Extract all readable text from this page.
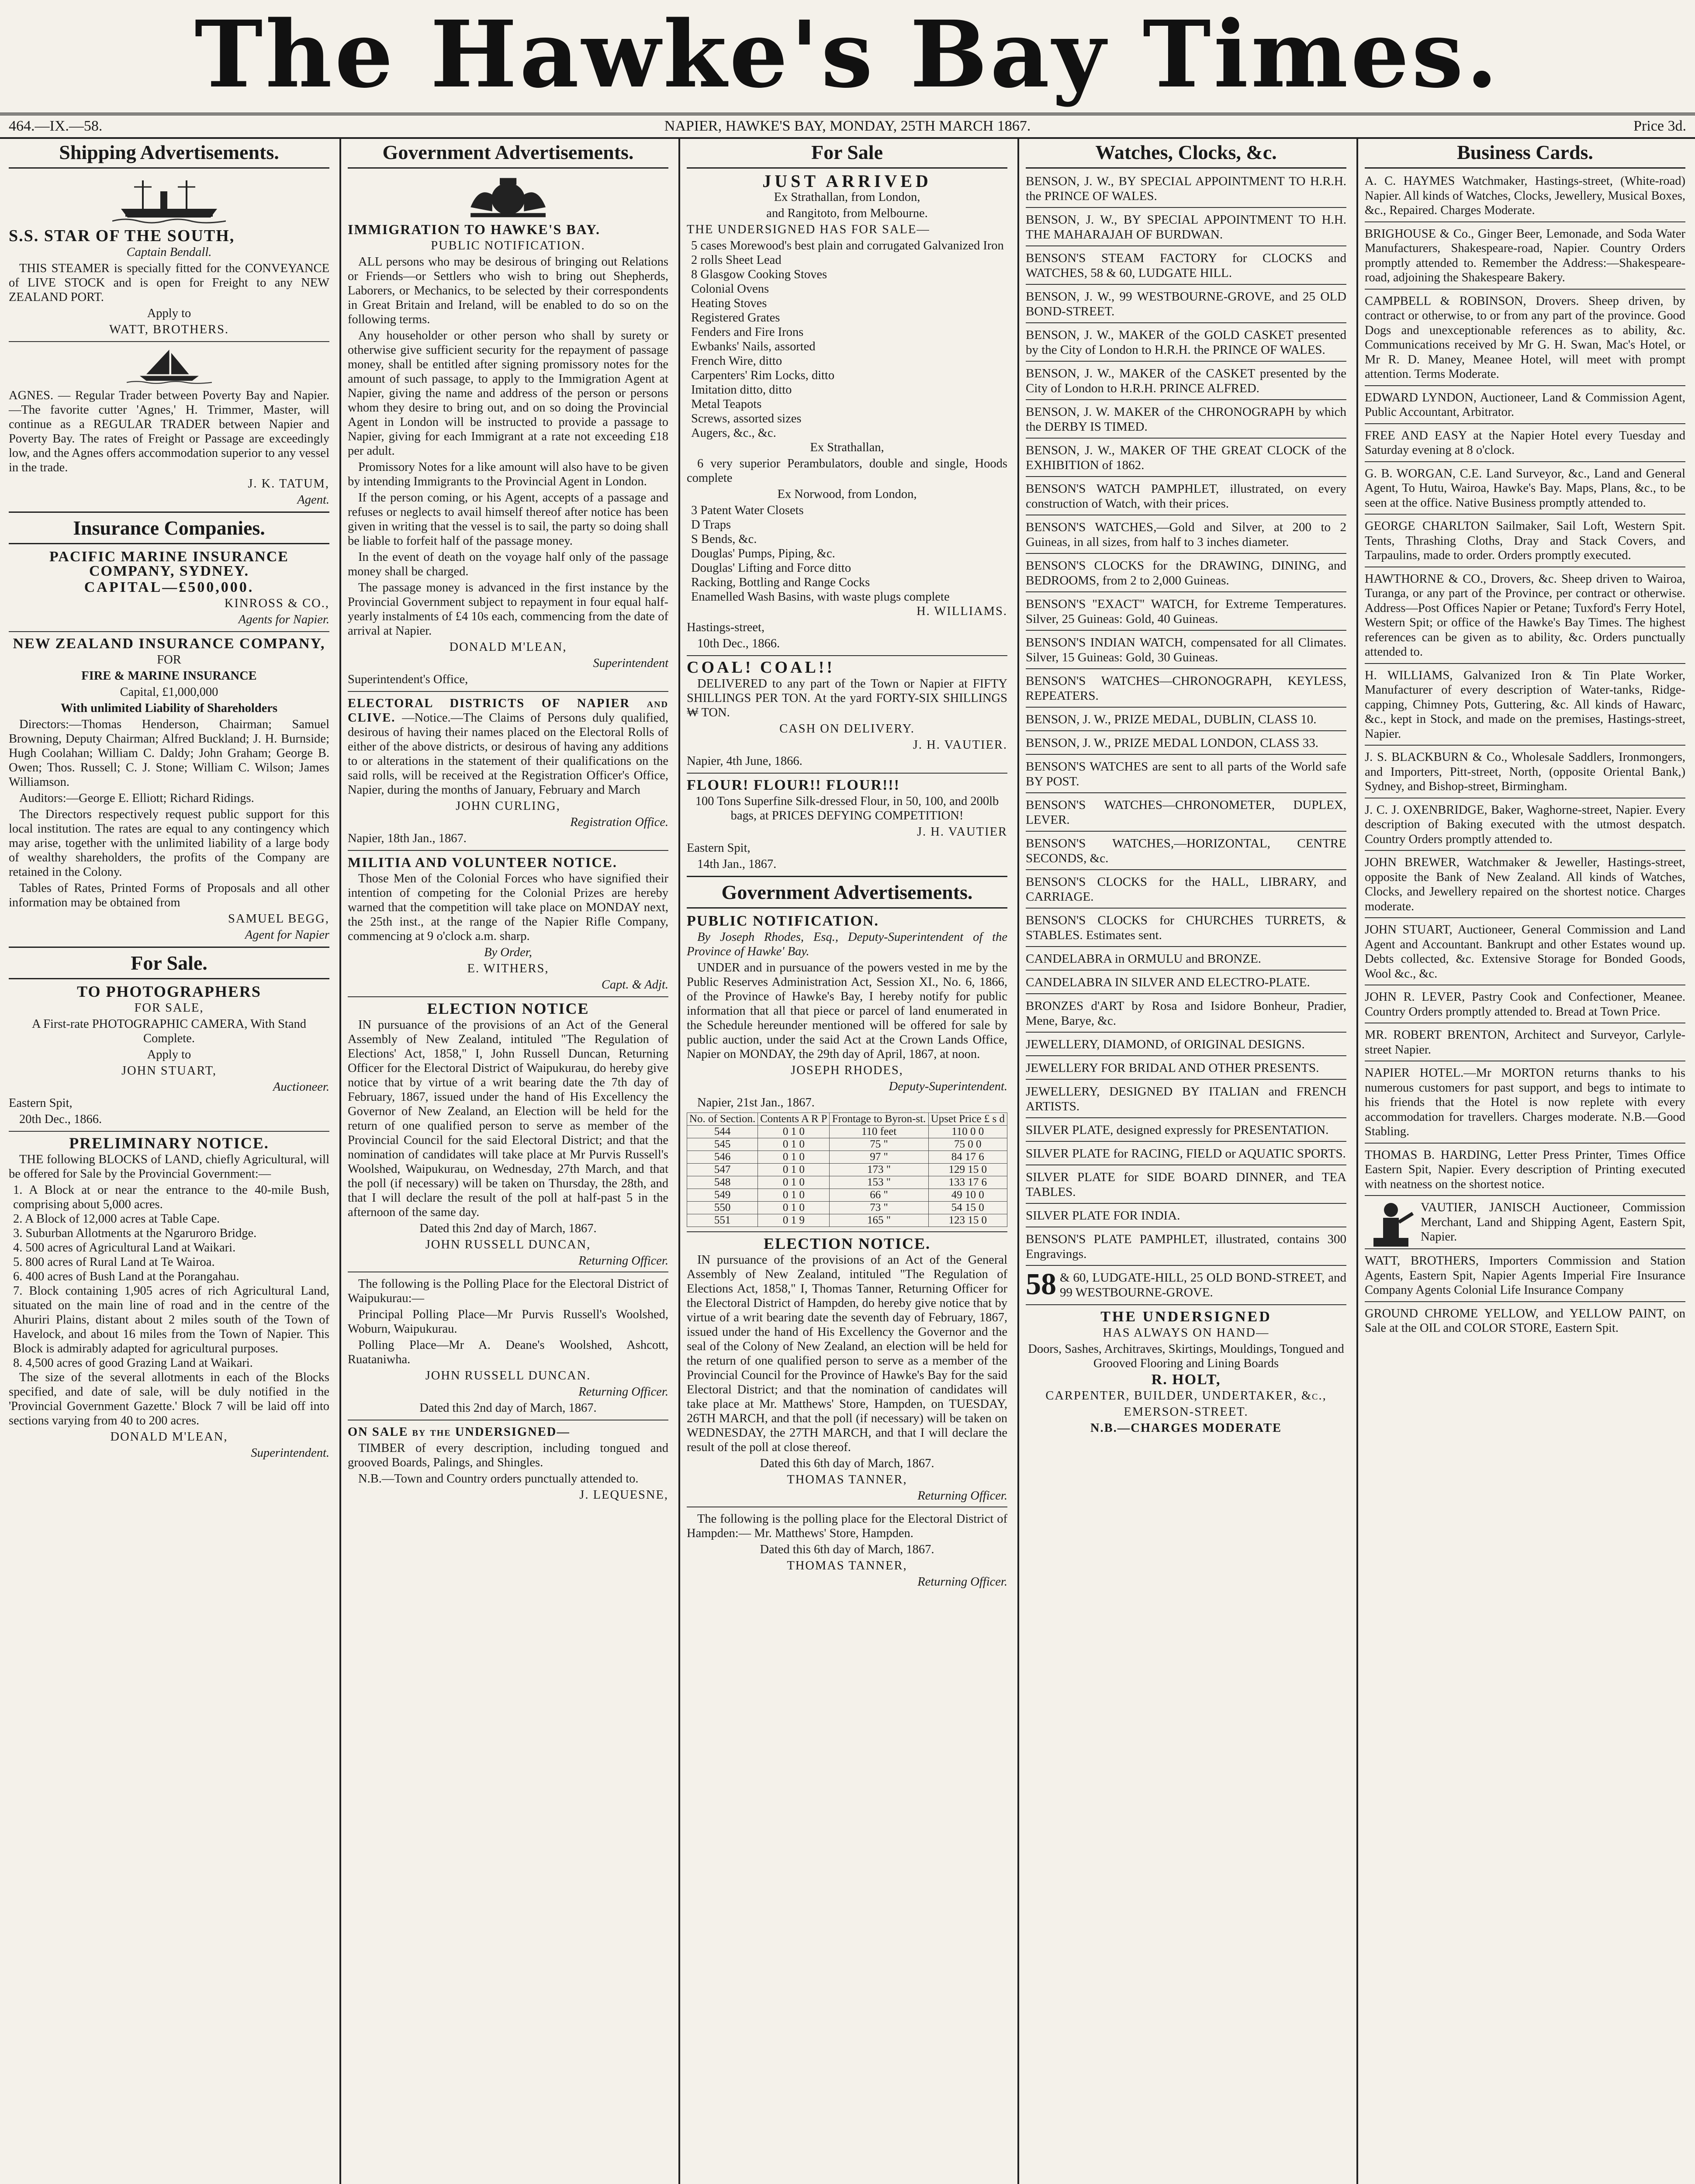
The Hawke's Bay Times.
464.—IX.—58.	NAPIER, HAWKE'S BAY, MONDAY, 25TH MARCH 1867.	Price 3d.
Shipping Advertisements.

S.S. STAR OF THE SOUTH,

Captain Bendall.

THIS STEAMER is specially fitted for the CONVEYANCE of LIVE STOCK and is open for Freight to any NEW ZEALAND PORT.

Apply to

WATT, BROTHERS.

AGNES. — Regular Trader between Poverty Bay and Napier.—The favorite cutter 'Agnes,' H. Trimmer, Master, will continue as a REGULAR TRADER between Napier and Poverty Bay. The rates of Freight or Passage are exceedingly low, and the Agnes offers accommodation superior to any vessel in the trade.

J. K. TATUM,

Agent.

Insurance Companies.

PACIFIC MARINE INSURANCE COMPANY, SYDNEY.

CAPITAL—£500,000.

KINROSS & CO.,

Agents for Napier.

NEW ZEALAND INSURANCE COMPANY,

FOR

FIRE & MARINE INSURANCE

Capital, £1,000,000

With unlimited Liability of Shareholders

Directors:—Thomas Henderson, Chairman; Samuel Browning, Deputy Chairman; Alfred Buckland; J. H. Burnside; Hugh Coolahan; William C. Daldy; John Graham; George B. Owen; Thos. Russell; C. J. Stone; William C. Wilson; James Williamson.

Auditors:—George E. Elliott; Richard Ridings.

The Directors respectively request public support for this local institution. The rates are equal to any contingency which may arise, together with the unlimited liability of a large body of wealthy shareholders, the profits of the Company are retained in the Colony.

Tables of Rates, Printed Forms of Proposals and all other information may be obtained from

SAMUEL BEGG,

Agent for Napier

For Sale.

TO PHOTOGRAPHERS

FOR SALE,

A First-rate PHOTOGRAPHIC CAMERA, With Stand Complete.

Apply to

JOHN STUART,

Auctioneer.

Eastern Spit,

20th Dec., 1866.

PRELIMINARY NOTICE.

THE following BLOCKS of LAND, chiefly Agricultural, will be offered for Sale by the Provincial Government:—

1. A Block at or near the entrance to the 40-mile Bush, comprising about 5,000 acres.
2. A Block of 12,000 acres at Table Cape.
3. Suburban Allotments at the Ngaruroro Bridge.
4. 500 acres of Agricultural Land at Waikari.
5. 800 acres of Rural Land at Te Wairoa.
6. 400 acres of Bush Land at the Porangahau.
7. Block containing 1,905 acres of rich Agricultural Land, situated on the main line of road and in the centre of the Ahuriri Plains, distant about 2 miles south of the Town of Havelock, and about 16 miles from the Town of Napier. This Block is admirably adapted for agricultural purposes.
8. 4,500 acres of good Grazing Land at Waikari.

The size of the several allotments in each of the Blocks specified, and date of sale, will be duly notified in the 'Provincial Government Gazette.' Block 7 will be laid off into sections varying from 40 to 200 acres.

DONALD M'LEAN,

Superintendent.

Government Advertisements.

IMMIGRATION TO HAWKE'S BAY.

PUBLIC NOTIFICATION.

ALL persons who may be desirous of bringing out Relations or Friends—or Settlers who wish to bring out Shepherds, Laborers, or Mechanics, to be selected by their correspondents in Great Britain and Ireland, will be enabled to do so on the following terms.

Any householder or other person who shall by surety or otherwise give sufficient security for the repayment of passage money, shall be entitled after signing promissory notes for the amount of such passage, to apply to the Immigration Agent at Napier, giving the name and address of the person or persons whom they desire to bring out, and on so doing the Provincial Agent in London will be instructed to provide a passage to Napier, giving for each Immigrant at a rate not exceeding £18 per adult.

Promissory Notes for a like amount will also have to be given by intending Immigrants to the Provincial Agent in London.

If the person coming, or his Agent, accepts of a passage and refuses or neglects to avail himself thereof after notice has been given in writing that the vessel is to sail, the party so doing shall be liable to forfeit half of the passage money.

In the event of death on the voyage half only of the passage money shall be charged.

The passage money is advanced in the first instance by the Provincial Government subject to repayment in four equal half-yearly instalments of £4 10s each, commencing from the date of arrival at Napier.

DONALD M'LEAN,

Superintendent

Superintendent's Office,

ELECTORAL DISTRICTS OF NAPIER and CLIVE. —Notice.—The Claims of Persons duly qualified, desirous of having their names placed on the Electoral Rolls of either of the above districts, or desirous of having any additions to or alterations in the statement of their qualifications on the said rolls, will be received at the Registration Officer's Office, Napier, during the months of January, February and March

JOHN CURLING,

Registration Office.

Napier, 18th Jan., 1867.

MILITIA AND VOLUNTEER NOTICE.

Those Men of the Colonial Forces who have signified their intention of competing for the Colonial Prizes are hereby warned that the competition will take place on MONDAY next, the 25th inst., at the range of the Napier Rifle Company, commencing at 9 o'clock a.m. sharp.

By Order,

E. WITHERS,

Capt. & Adjt.

ELECTION NOTICE

IN pursuance of the provisions of an Act of the General Assembly of New Zealand, intituled "The Regulation of Elections' Act, 1858," I, John Russell Duncan, Returning Officer for the Electoral District of Waipukurau, do hereby give notice that by virtue of a writ bearing date the 7th day of February, 1867, issued under the hand of His Excellency the Governor of New Zealand, an Election will be held for the return of one qualified person to serve as member of the Provincial Council for the said Electoral District; and that the nomination of candidates will take place at Mr Purvis Russell's Woolshed, Waipukurau, on Wednesday, 27th March, and that the poll (if necessary) will be taken on Thursday, the 28th, and that I will declare the result of the poll at half-past 5 in the afternoon of the same day.

Dated this 2nd day of March, 1867.

JOHN RUSSELL DUNCAN,

Returning Officer.

The following is the Polling Place for the Electoral District of Waipukurau:—

Principal Polling Place—Mr Purvis Russell's Woolshed, Woburn, Waipukurau.

Polling Place—Mr A. Deane's Woolshed, Ashcott, Ruataniwha.

JOHN RUSSELL DUNCAN.

Returning Officer.

Dated this 2nd day of March, 1867.

ON SALE by the UNDERSIGNED—

TIMBER of every description, including tongued and grooved Boards, Palings, and Shingles.

N.B.—Town and Country orders punctually attended to.

J. LEQUESNE,

For Sale

JUST ARRIVED

Ex Strathallan, from London,

and Rangitoto, from Melbourne.

THE UNDERSIGNED HAS FOR SALE—

5 cases Morewood's best plain and corrugated Galvanized Iron
2 rolls Sheet Lead
8 Glasgow Cooking Stoves
Colonial Ovens
Heating Stoves
Registered Grates
Fenders and Fire Irons
Ewbanks' Nails, assorted
French Wire, ditto
Carpenters' Rim Locks, ditto
Imitation ditto, ditto
Metal Teapots
Screws, assorted sizes
Augers, &c., &c.

Ex Strathallan,

6 very superior Perambulators, double and single, Hoods complete

Ex Norwood, from London,

3 Patent Water Closets
D Traps
S Bends, &c.
Douglas' Pumps, Piping, &c.
Douglas' Lifting and Force ditto
Racking, Bottling and Range Cocks
Enamelled Wash Basins, with waste plugs complete

H. WILLIAMS.

Hastings-street,

10th Dec., 1866.

COAL! COAL!!

DELIVERED to any part of the Town or Napier at FIFTY SHILLINGS PER TON. At the yard FORTY-SIX SHILLINGS ₩ TON.

CASH ON DELIVERY.

J. H. VAUTIER.

Napier, 4th June, 1866.

FLOUR! FLOUR!! FLOUR!!!

100 Tons Superfine Silk-dressed Flour, in 50, 100, and 200lb bags, at PRICES DEFYING COMPETITION!

J. H. VAUTIER

Eastern Spit,

14th Jan., 1867.

Government Advertisements.

PUBLIC NOTIFICATION.

By Joseph Rhodes, Esq., Deputy-Superintendent of the Province of Hawke' Bay.

UNDER and in pursuance of the powers vested in me by the Public Reserves Administration Act, Session XI., No. 6, 1866, of the Province of Hawke's Bay, I hereby notify for public information that all that piece or parcel of land enumerated in the Schedule hereunder mentioned will be offered for sale by public auction, under the said Act at the Crown Lands Office, Napier on MONDAY, the 29th day of April, 1867, at noon.

JOSEPH RHODES,

Deputy-Superintendent.

Napier, 21st Jan., 1867.

No. of Section.	Contents A R P	Frontage to Byron-st.	Upset Price £ s d
544	0 1 0	110 feet	110 0 0
545	0 1 0	75 "	75 0 0
546	0 1 0	97 "	84 17 6
547	0 1 0	173 "	129 15 0
548	0 1 0	153 "	133 17 6
549	0 1 0	66 "	49 10 0
550	0 1 0	73 "	54 15 0
551	0 1 9	165 "	123 15 0

ELECTION NOTICE.

IN pursuance of the provisions of an Act of the General Assembly of New Zealand, intituled "The Regulation of Elections Act, 1858," I, Thomas Tanner, Returning Officer for the Electoral District of Hampden, do hereby give notice that by virtue of a writ bearing date the seventh day of February, 1867, issued under the hand of His Excellency the Governor and the seal of the Colony of New Zealand, an election will be held for the return of one qualified person to serve as a member of the Provincial Council for the Province of Hawke's Bay for the said Electoral District; and that the nomination of candidates will take place at Mr. Matthews' Store, Hampden, on TUESDAY, 26TH MARCH, and that the poll (if necessary) will be taken on WEDNESDAY, the 27TH MARCH, and that I will declare the result of the poll at close thereof.

Dated this 6th day of March, 1867.

THOMAS TANNER,

Returning Officer.

The following is the polling place for the Electoral District of Hampden:— Mr. Matthews' Store, Hampden.

Dated this 6th day of March, 1867.

THOMAS TANNER,

Returning Officer.

Watches, Clocks, &c.

BENSON, J. W., BY SPECIAL APPOINTMENT TO H.R.H. the PRINCE OF WALES.

BENSON, J. W., BY SPECIAL APPOINTMENT TO H.H. THE MAHARAJAH OF BURDWAN.

BENSON'S STEAM FACTORY for CLOCKS and WATCHES, 58 & 60, LUDGATE HILL.

BENSON, J. W., 99 WESTBOURNE-GROVE, and 25 OLD BOND-STREET.

BENSON, J. W., MAKER of the GOLD CASKET presented by the City of London to H.R.H. the PRINCE OF WALES.

BENSON, J. W., MAKER of the CASKET presented by the City of London to H.R.H. PRINCE ALFRED.

BENSON, J. W. MAKER of the CHRONOGRAPH by which the DERBY IS TIMED.

BENSON, J. W., MAKER OF THE GREAT CLOCK of the EXHIBITION of 1862.

BENSON'S WATCH PAMPHLET, illustrated, on every construction of Watch, with their prices.

BENSON'S WATCHES,—Gold and Silver, at 200 to 2 Guineas, in all sizes, from half to 3 inches diameter.

BENSON'S CLOCKS for the DRAWING, DINING, and BEDROOMS, from 2 to 2,000 Guineas.

BENSON'S "EXACT" WATCH, for Extreme Temperatures. Silver, 25 Guineas: Gold, 40 Guineas.

BENSON'S INDIAN WATCH, compensated for all Climates. Silver, 15 Guineas: Gold, 30 Guineas.

BENSON'S WATCHES—CHRONOGRAPH, KEYLESS, REPEATERS.

BENSON, J. W., PRIZE MEDAL, DUBLIN, CLASS 10.

BENSON, J. W., PRIZE MEDAL LONDON, CLASS 33.

BENSON'S WATCHES are sent to all parts of the World safe BY POST.

BENSON'S WATCHES—CHRONOMETER, DUPLEX, LEVER.

BENSON'S WATCHES,—HORIZONTAL, CENTRE SECONDS, &c.

BENSON'S CLOCKS for the HALL, LIBRARY, and CARRIAGE.

BENSON'S CLOCKS for CHURCHES TURRETS, & STABLES. Estimates sent.

CANDELABRA in ORMULU and BRONZE.

CANDELABRA IN SILVER AND ELECTRO-PLATE.

BRONZES d'ART by Rosa and Isidore Bonheur, Pradier, Mene, Barye, &c.

JEWELLERY, DIAMOND, of ORIGINAL DESIGNS.

JEWELLERY FOR BRIDAL AND OTHER PRESENTS.

JEWELLERY, DESIGNED BY ITALIAN and FRENCH ARTISTS.

SILVER PLATE, designed expressly for PRESENTATION.

SILVER PLATE for RACING, FIELD or AQUATIC SPORTS.

SILVER PLATE for SIDE BOARD DINNER, and TEA TABLES.

SILVER PLATE FOR INDIA.

BENSON'S PLATE PAMPHLET, illustrated, contains 300 Engravings.

58 & 60, LUDGATE-HILL, 25 OLD BOND-STREET, and 99 WESTBOURNE-GROVE.

THE UNDERSIGNED

HAS ALWAYS ON HAND—

Doors, Sashes, Architraves, Skirtings, Mouldings, Tongued and Grooved Flooring and Lining Boards

R. HOLT,

CARPENTER, BUILDER, UNDERTAKER, &c.,

EMERSON-STREET.

N.B.—CHARGES MODERATE

Business Cards.

A. C. HAYMES Watchmaker, Hastings-street, (White-road) Napier. All kinds of Watches, Clocks, Jewellery, Musical Boxes, &c., Repaired. Charges Moderate.

BRIGHOUSE & Co., Ginger Beer, Lemonade, and Soda Water Manufacturers, Shakespeare-road, Napier. Country Orders promptly attended to. Remember the Address:—Shakespeare-road, adjoining the Shakespeare Bakery.

CAMPBELL & ROBINSON, Drovers. Sheep driven, by contract or otherwise, to or from any part of the province. Good Dogs and unexceptionable references as to ability, &c. Communications received by Mr G. H. Swan, Mac's Hotel, or Mr R. D. Maney, Meanee Hotel, will meet with prompt attention. Terms Moderate.

EDWARD LYNDON, Auctioneer, Land & Commission Agent, Public Accountant, Arbitrator.

FREE AND EASY at the Napier Hotel every Tuesday and Saturday evening at 8 o'clock.

G. B. WORGAN, C.E. Land Surveyor, &c., Land and General Agent, To Hutu, Wairoa, Hawke's Bay. Maps, Plans, &c., to be seen at the office. Native Business promptly attended to.

GEORGE CHARLTON Sailmaker, Sail Loft, Western Spit. Tents, Thrashing Cloths, Dray and Stack Covers, and Tarpaulins, made to order. Orders promptly executed.

HAWTHORNE & CO., Drovers, &c. Sheep driven to Wairoa, Turanga, or any part of the Province, per contract or otherwise. Address—Post Offices Napier or Petane; Tuxford's Ferry Hotel, Western Spit; or office of the Hawke's Bay Times. The highest references can be given as to ability, &c. Orders punctually attended to.

H. WILLIAMS, Galvanized Iron & Tin Plate Worker, Manufacturer of every description of Water-tanks, Ridge-capping, Chimney Pots, Guttering, &c. All kinds of Hawarc, &c., kept in Stock, and made on the premises, Hastings-street, Napier.

J. S. BLACKBURN & Co., Wholesale Saddlers, Ironmongers, and Importers, Pitt-street, North, (opposite Oriental Bank,) Sydney, and Bishop-street, Birmingham.

J. C. J. OXENBRIDGE, Baker, Waghorne-street, Napier. Every description of Baking executed with the utmost despatch. Country Orders promptly attended to.

JOHN BREWER, Watchmaker & Jeweller, Hastings-street, opposite the Bank of New Zealand. All kinds of Watches, Clocks, and Jewellery repaired on the shortest notice. Charges moderate.

JOHN STUART, Auctioneer, General Commission and Land Agent and Accountant. Bankrupt and other Estates wound up. Debts collected, &c. Extensive Storage for Bonded Goods, Wool &c., &c.

JOHN R. LEVER, Pastry Cook and Confectioner, Meanee. Country Orders promptly attended to. Bread at Town Price.

MR. ROBERT BRENTON, Architect and Surveyor, Carlyle-street Napier.

NAPIER HOTEL.—Mr MORTON returns thanks to his numerous customers for past support, and begs to intimate to his friends that the Hotel is now replete with every accommodation for travellers. Charges moderate. N.B.—Good Stabling.

THOMAS B. HARDING, Letter Press Printer, Times Office Eastern Spit, Napier. Every description of Printing executed with neatness on the shortest notice.

VAUTIER, JANISCH Auctioneer, Commission Merchant, Land and Shipping Agent, Eastern Spit, Napier.

WATT, BROTHERS, Importers Commission and Station Agents, Eastern Spit, Napier Agents Imperial Fire Insurance Company Agents Colonial Life Insurance Company

GROUND CHROME YELLOW, and YELLOW PAINT, on Sale at the OIL and COLOR STORE, Eastern Spit.
